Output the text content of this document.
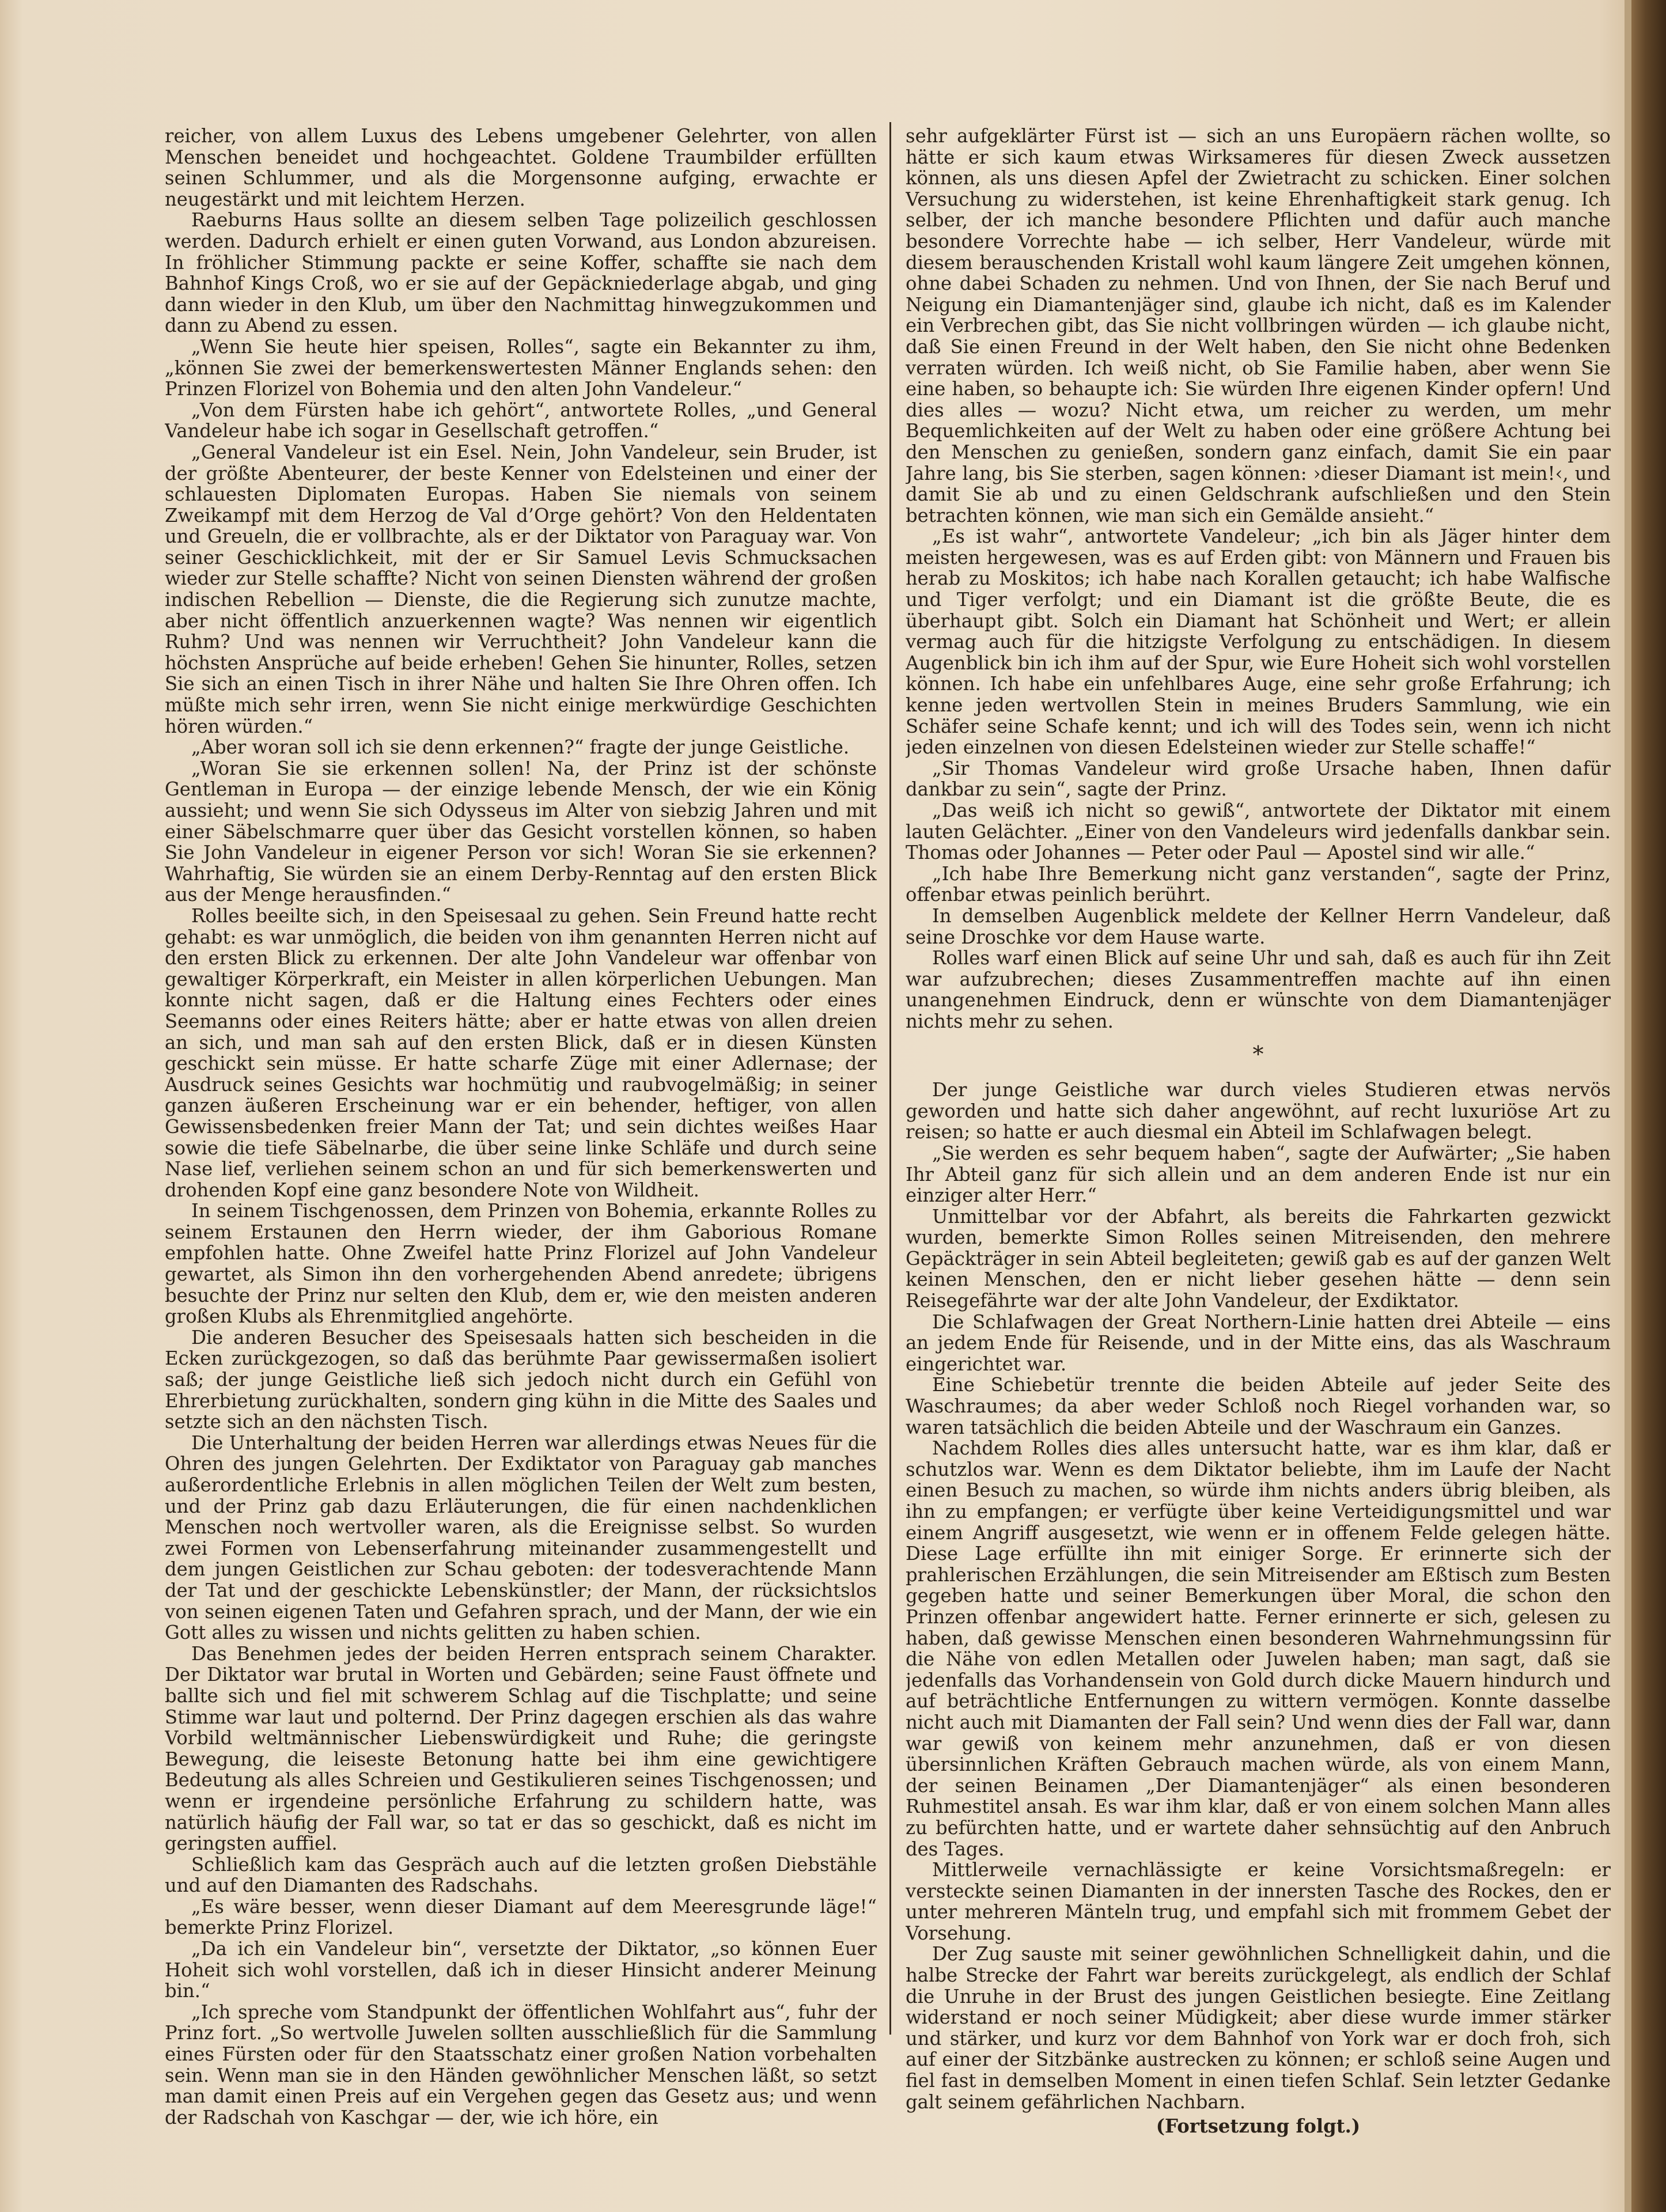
reicher, von allem Luxus des Lebens umgebener Gelehrter, von allen Menschen beneidet und hochgeachtet. Goldene Traumbilder erfüllten seinen Schlummer, und als die Morgensonne aufging, erwachte er neugestärkt und mit leichtem Herzen.

Raeburns Haus sollte an diesem selben Tage polizeilich geschlossen werden. Dadurch erhielt er einen guten Vorwand, aus London abzureisen. In fröhlicher Stimmung packte er seine Koffer, schaffte sie nach dem Bahnhof Kings Croß, wo er sie auf der Gepäckniederlage abgab, und ging dann wieder in den Klub, um über den Nachmittag hinwegzukommen und dann zu Abend zu essen.

„Wenn Sie heute hier speisen, Rolles“, sagte ein Bekannter zu ihm, „können Sie zwei der bemerkenswertesten Männer Englands sehen: den Prinzen Florizel von Bohemia und den alten John Vandeleur.“

„Von dem Fürsten habe ich gehört“, antwortete Rolles, „und General Vandeleur habe ich sogar in Gesellschaft getroffen.“

„General Vandeleur ist ein Esel. Nein, John Vandeleur, sein Bruder, ist der größte Abenteurer, der beste Kenner von Edelsteinen und einer der schlauesten Diplomaten Europas. Haben Sie niemals von seinem Zweikampf mit dem Herzog de Val d’Orge gehört? Von den Heldentaten und Greueln, die er vollbrachte, als er der Diktator von Paraguay war. Von seiner Geschicklichkeit, mit der er Sir Samuel Levis Schmucksachen wieder zur Stelle schaffte? Nicht von seinen Diensten während der großen indischen Rebellion — Dienste, die die Regierung sich zunutze machte, aber nicht öffentlich anzuerkennen wagte? Was nennen wir eigentlich Ruhm? Und was nennen wir Verruchtheit? John Vandeleur kann die höchsten Ansprüche auf beide erheben! Gehen Sie hinunter, Rolles, setzen Sie sich an einen Tisch in ihrer Nähe und halten Sie Ihre Ohren offen. Ich müßte mich sehr irren, wenn Sie nicht einige merkwürdige Geschichten hören würden.“

„Aber woran soll ich sie denn erkennen?“ fragte der junge Geistliche.

„Woran Sie sie erkennen sollen! Na, der Prinz ist der schönste Gentleman in Europa — der einzige lebende Mensch, der wie ein König aussieht; und wenn Sie sich Odysseus im Alter von siebzig Jahren und mit einer Säbelschmarre quer über das Gesicht vorstellen können, so haben Sie John Vandeleur in eigener Person vor sich! Woran Sie sie erkennen? Wahrhaftig, Sie würden sie an einem Derby-Renntag auf den ersten Blick aus der Menge herausfinden.“

Rolles beeilte sich, in den Speisesaal zu gehen. Sein Freund hatte recht gehabt: es war unmöglich, die beiden von ihm genannten Herren nicht auf den ersten Blick zu erkennen. Der alte John Vandeleur war offenbar von gewaltiger Körperkraft, ein Meister in allen körperlichen Uebungen. Man konnte nicht sagen, daß er die Haltung eines Fechters oder eines Seemanns oder eines Reiters hätte; aber er hatte etwas von allen dreien an sich, und man sah auf den ersten Blick, daß er in diesen Künsten geschickt sein müsse. Er hatte scharfe Züge mit einer Adlernase; der Ausdruck seines Gesichts war hochmütig und raubvogelmäßig; in seiner ganzen äußeren Erscheinung war er ein behender, heftiger, von allen Gewissensbedenken freier Mann der Tat; und sein dichtes weißes Haar sowie die tiefe Säbelnarbe, die über seine linke Schläfe und durch seine Nase lief, verliehen seinem schon an und für sich bemerkenswerten und drohenden Kopf eine ganz besondere Note von Wildheit.

In seinem Tischgenossen, dem Prinzen von Bohemia, erkannte Rolles zu seinem Erstaunen den Herrn wieder, der ihm Gaborious Romane empfohlen hatte. Ohne Zweifel hatte Prinz Florizel auf John Vandeleur gewartet, als Simon ihn den vorhergehenden Abend anredete; übrigens besuchte der Prinz nur selten den Klub, dem er, wie den meisten anderen großen Klubs als Ehrenmitglied angehörte.

Die anderen Besucher des Speisesaals hatten sich bescheiden in die Ecken zurückgezogen, so daß das berühmte Paar gewissermaßen isoliert saß; der junge Geistliche ließ sich jedoch nicht durch ein Gefühl von Ehrerbietung zurückhalten, sondern ging kühn in die Mitte des Saales und setzte sich an den nächsten Tisch.

Die Unterhaltung der beiden Herren war allerdings etwas Neues für die Ohren des jungen Gelehrten. Der Exdiktator von Paraguay gab manches außerordentliche Erlebnis in allen möglichen Teilen der Welt zum besten, und der Prinz gab dazu Erläuterungen, die für einen nachdenklichen Menschen noch wertvoller waren, als die Ereignisse selbst. So wurden zwei Formen von Lebenserfahrung miteinander zusammengestellt und dem jungen Geistlichen zur Schau geboten: der todesverachtende Mann der Tat und der geschickte Lebenskünstler; der Mann, der rücksichtslos von seinen eigenen Taten und Gefahren sprach, und der Mann, der wie ein Gott alles zu wissen und nichts gelitten zu haben schien.

Das Benehmen jedes der beiden Herren entsprach seinem Charakter. Der Diktator war brutal in Worten und Gebärden; seine Faust öffnete und ballte sich und fiel mit schwerem Schlag auf die Tischplatte; und seine Stimme war laut und polternd. Der Prinz dagegen erschien als das wahre Vorbild weltmännischer Liebenswürdigkeit und Ruhe; die geringste Bewegung, die leiseste Betonung hatte bei ihm eine gewichtigere Bedeutung als alles Schreien und Gestikulieren seines Tischgenossen; und wenn er irgendeine persönliche Erfahrung zu schildern hatte, was natürlich häufig der Fall war, so tat er das so geschickt, daß es nicht im geringsten auffiel.

Schließlich kam das Gespräch auch auf die letzten großen Diebstähle und auf den Diamanten des Radschahs.

„Es wäre besser, wenn dieser Diamant auf dem Meeresgrunde läge!“ bemerkte Prinz Florizel.

„Da ich ein Vandeleur bin“, versetzte der Diktator, „so können Euer Hoheit sich wohl vorstellen, daß ich in dieser Hinsicht anderer Meinung bin.“

„Ich spreche vom Standpunkt der öffentlichen Wohlfahrt aus“, fuhr der Prinz fort. „So wertvolle Juwelen sollten ausschließlich für die Sammlung eines Fürsten oder für den Staatsschatz einer großen Nation vorbehalten sein. Wenn man sie in den Händen gewöhnlicher Menschen läßt, so setzt man damit einen Preis auf ein Vergehen gegen das Gesetz aus; und wenn der Radschah von Kaschgar — der, wie ich höre, ein

sehr aufgeklärter Fürst ist — sich an uns Europäern rächen wollte, so hätte er sich kaum etwas Wirksameres für diesen Zweck aussetzen können, als uns diesen Apfel der Zwietracht zu schicken. Einer solchen Versuchung zu widerstehen, ist keine Ehrenhaftigkeit stark genug. Ich selber, der ich manche besondere Pflichten und dafür auch manche besondere Vorrechte habe — ich selber, Herr Vandeleur, würde mit diesem berauschenden Kristall wohl kaum längere Zeit umgehen können, ohne dabei Schaden zu nehmen. Und von Ihnen, der Sie nach Beruf und Neigung ein Diamantenjäger sind, glaube ich nicht, daß es im Kalender ein Verbrechen gibt, das Sie nicht vollbringen würden — ich glaube nicht, daß Sie einen Freund in der Welt haben, den Sie nicht ohne Bedenken verraten würden. Ich weiß nicht, ob Sie Familie haben, aber wenn Sie eine haben, so behaupte ich: Sie würden Ihre eigenen Kinder opfern! Und dies alles — wozu? Nicht etwa, um reicher zu werden, um mehr Bequemlichkeiten auf der Welt zu haben oder eine größere Achtung bei den Menschen zu genießen, sondern ganz einfach, damit Sie ein paar Jahre lang, bis Sie sterben, sagen können: ›dieser Diamant ist mein!‹, und damit Sie ab und zu einen Geldschrank aufschließen und den Stein betrachten können, wie man sich ein Gemälde ansieht.“

„Es ist wahr“, antwortete Vandeleur; „ich bin als Jäger hinter dem meisten hergewesen, was es auf Erden gibt: von Männern und Frauen bis herab zu Moskitos; ich habe nach Korallen getaucht; ich habe Walfische und Tiger verfolgt; und ein Diamant ist die größte Beute, die es überhaupt gibt. Solch ein Diamant hat Schönheit und Wert; er allein vermag auch für die hitzigste Verfolgung zu entschädigen. In diesem Augenblick bin ich ihm auf der Spur, wie Eure Hoheit sich wohl vorstellen können. Ich habe ein unfehlbares Auge, eine sehr große Erfahrung; ich kenne jeden wertvollen Stein in meines Bruders Sammlung, wie ein Schäfer seine Schafe kennt; und ich will des Todes sein, wenn ich nicht jeden einzelnen von diesen Edelsteinen wieder zur Stelle schaffe!“

„Sir Thomas Vandeleur wird große Ursache haben, Ihnen dafür dankbar zu sein“, sagte der Prinz.

„Das weiß ich nicht so gewiß“, antwortete der Diktator mit einem lauten Gelächter. „Einer von den Vandeleurs wird jedenfalls dankbar sein. Thomas oder Johannes — Peter oder Paul — Apostel sind wir alle.“

„Ich habe Ihre Bemerkung nicht ganz verstanden“, sagte der Prinz, offenbar etwas peinlich berührt.

In demselben Augenblick meldete der Kellner Herrn Vandeleur, daß seine Droschke vor dem Hause warte.

Rolles warf einen Blick auf seine Uhr und sah, daß es auch für ihn Zeit war aufzubrechen; dieses Zusammentreffen machte auf ihn einen unangenehmen Eindruck, denn er wünschte von dem Diamantenjäger nichts mehr zu sehen.

*

Der junge Geistliche war durch vieles Studieren etwas nervös geworden und hatte sich daher angewöhnt, auf recht luxuriöse Art zu reisen; so hatte er auch diesmal ein Abteil im Schlafwagen belegt.

„Sie werden es sehr bequem haben“, sagte der Aufwärter; „Sie haben Ihr Abteil ganz für sich allein und an dem anderen Ende ist nur ein einziger alter Herr.“

Unmittelbar vor der Abfahrt, als bereits die Fahrkarten gezwickt wurden, bemerkte Simon Rolles seinen Mitreisenden, den mehrere Gepäckträger in sein Abteil begleiteten; gewiß gab es auf der ganzen Welt keinen Menschen, den er nicht lieber gesehen hätte — denn sein Reisegefährte war der alte John Vandeleur, der Exdiktator.

Die Schlafwagen der Great Northern-Linie hatten drei Abteile — eins an jedem Ende für Reisende, und in der Mitte eins, das als Waschraum eingerichtet war.

Eine Schiebetür trennte die beiden Abteile auf jeder Seite des Waschraumes; da aber weder Schloß noch Riegel vorhanden war, so waren tatsächlich die beiden Abteile und der Waschraum ein Ganzes.

Nachdem Rolles dies alles untersucht hatte, war es ihm klar, daß er schutzlos war. Wenn es dem Diktator beliebte, ihm im Laufe der Nacht einen Besuch zu machen, so würde ihm nichts anders übrig bleiben, als ihn zu empfangen; er verfügte über keine Verteidigungsmittel und war einem Angriff ausgesetzt, wie wenn er in offenem Felde gelegen hätte. Diese Lage erfüllte ihn mit einiger Sorge. Er erinnerte sich der prahlerischen Erzählungen, die sein Mitreisender am Eßtisch zum Besten gegeben hatte und seiner Bemerkungen über Moral, die schon den Prinzen offenbar angewidert hatte. Ferner erinnerte er sich, gelesen zu haben, daß gewisse Menschen einen besonderen Wahrnehmungssinn für die Nähe von edlen Metallen oder Juwelen haben; man sagt, daß sie jedenfalls das Vorhandensein von Gold durch dicke Mauern hindurch und auf beträchtliche Entfernungen zu wittern vermögen. Konnte dasselbe nicht auch mit Diamanten der Fall sein? Und wenn dies der Fall war, dann war gewiß von keinem mehr anzunehmen, daß er von diesen übersinnlichen Kräften Gebrauch machen würde, als von einem Mann, der seinen Beinamen „Der Diamantenjäger“ als einen besonderen Ruhmestitel ansah. Es war ihm klar, daß er von einem solchen Mann alles zu befürchten hatte, und er wartete daher sehnsüchtig auf den Anbruch des Tages.

Mittlerweile vernachlässigte er keine Vorsichtsmaßregeln: er versteckte seinen Diamanten in der innersten Tasche des Rockes, den er unter mehreren Mänteln trug, und empfahl sich mit frommem Gebet der Vorsehung.

Der Zug sauste mit seiner gewöhnlichen Schnelligkeit dahin, und die halbe Strecke der Fahrt war bereits zurückgelegt, als endlich der Schlaf die Unruhe in der Brust des jungen Geistlichen besiegte. Eine Zeitlang widerstand er noch seiner Müdigkeit; aber diese wurde immer stärker und stärker, und kurz vor dem Bahnhof von York war er doch froh, sich auf einer der Sitzbänke austrecken zu können; er schloß seine Augen und fiel fast in demselben Moment in einen tiefen Schlaf. Sein letzter Gedanke galt seinem gefährlichen Nachbarn.

(Fortsetzung folgt.)
